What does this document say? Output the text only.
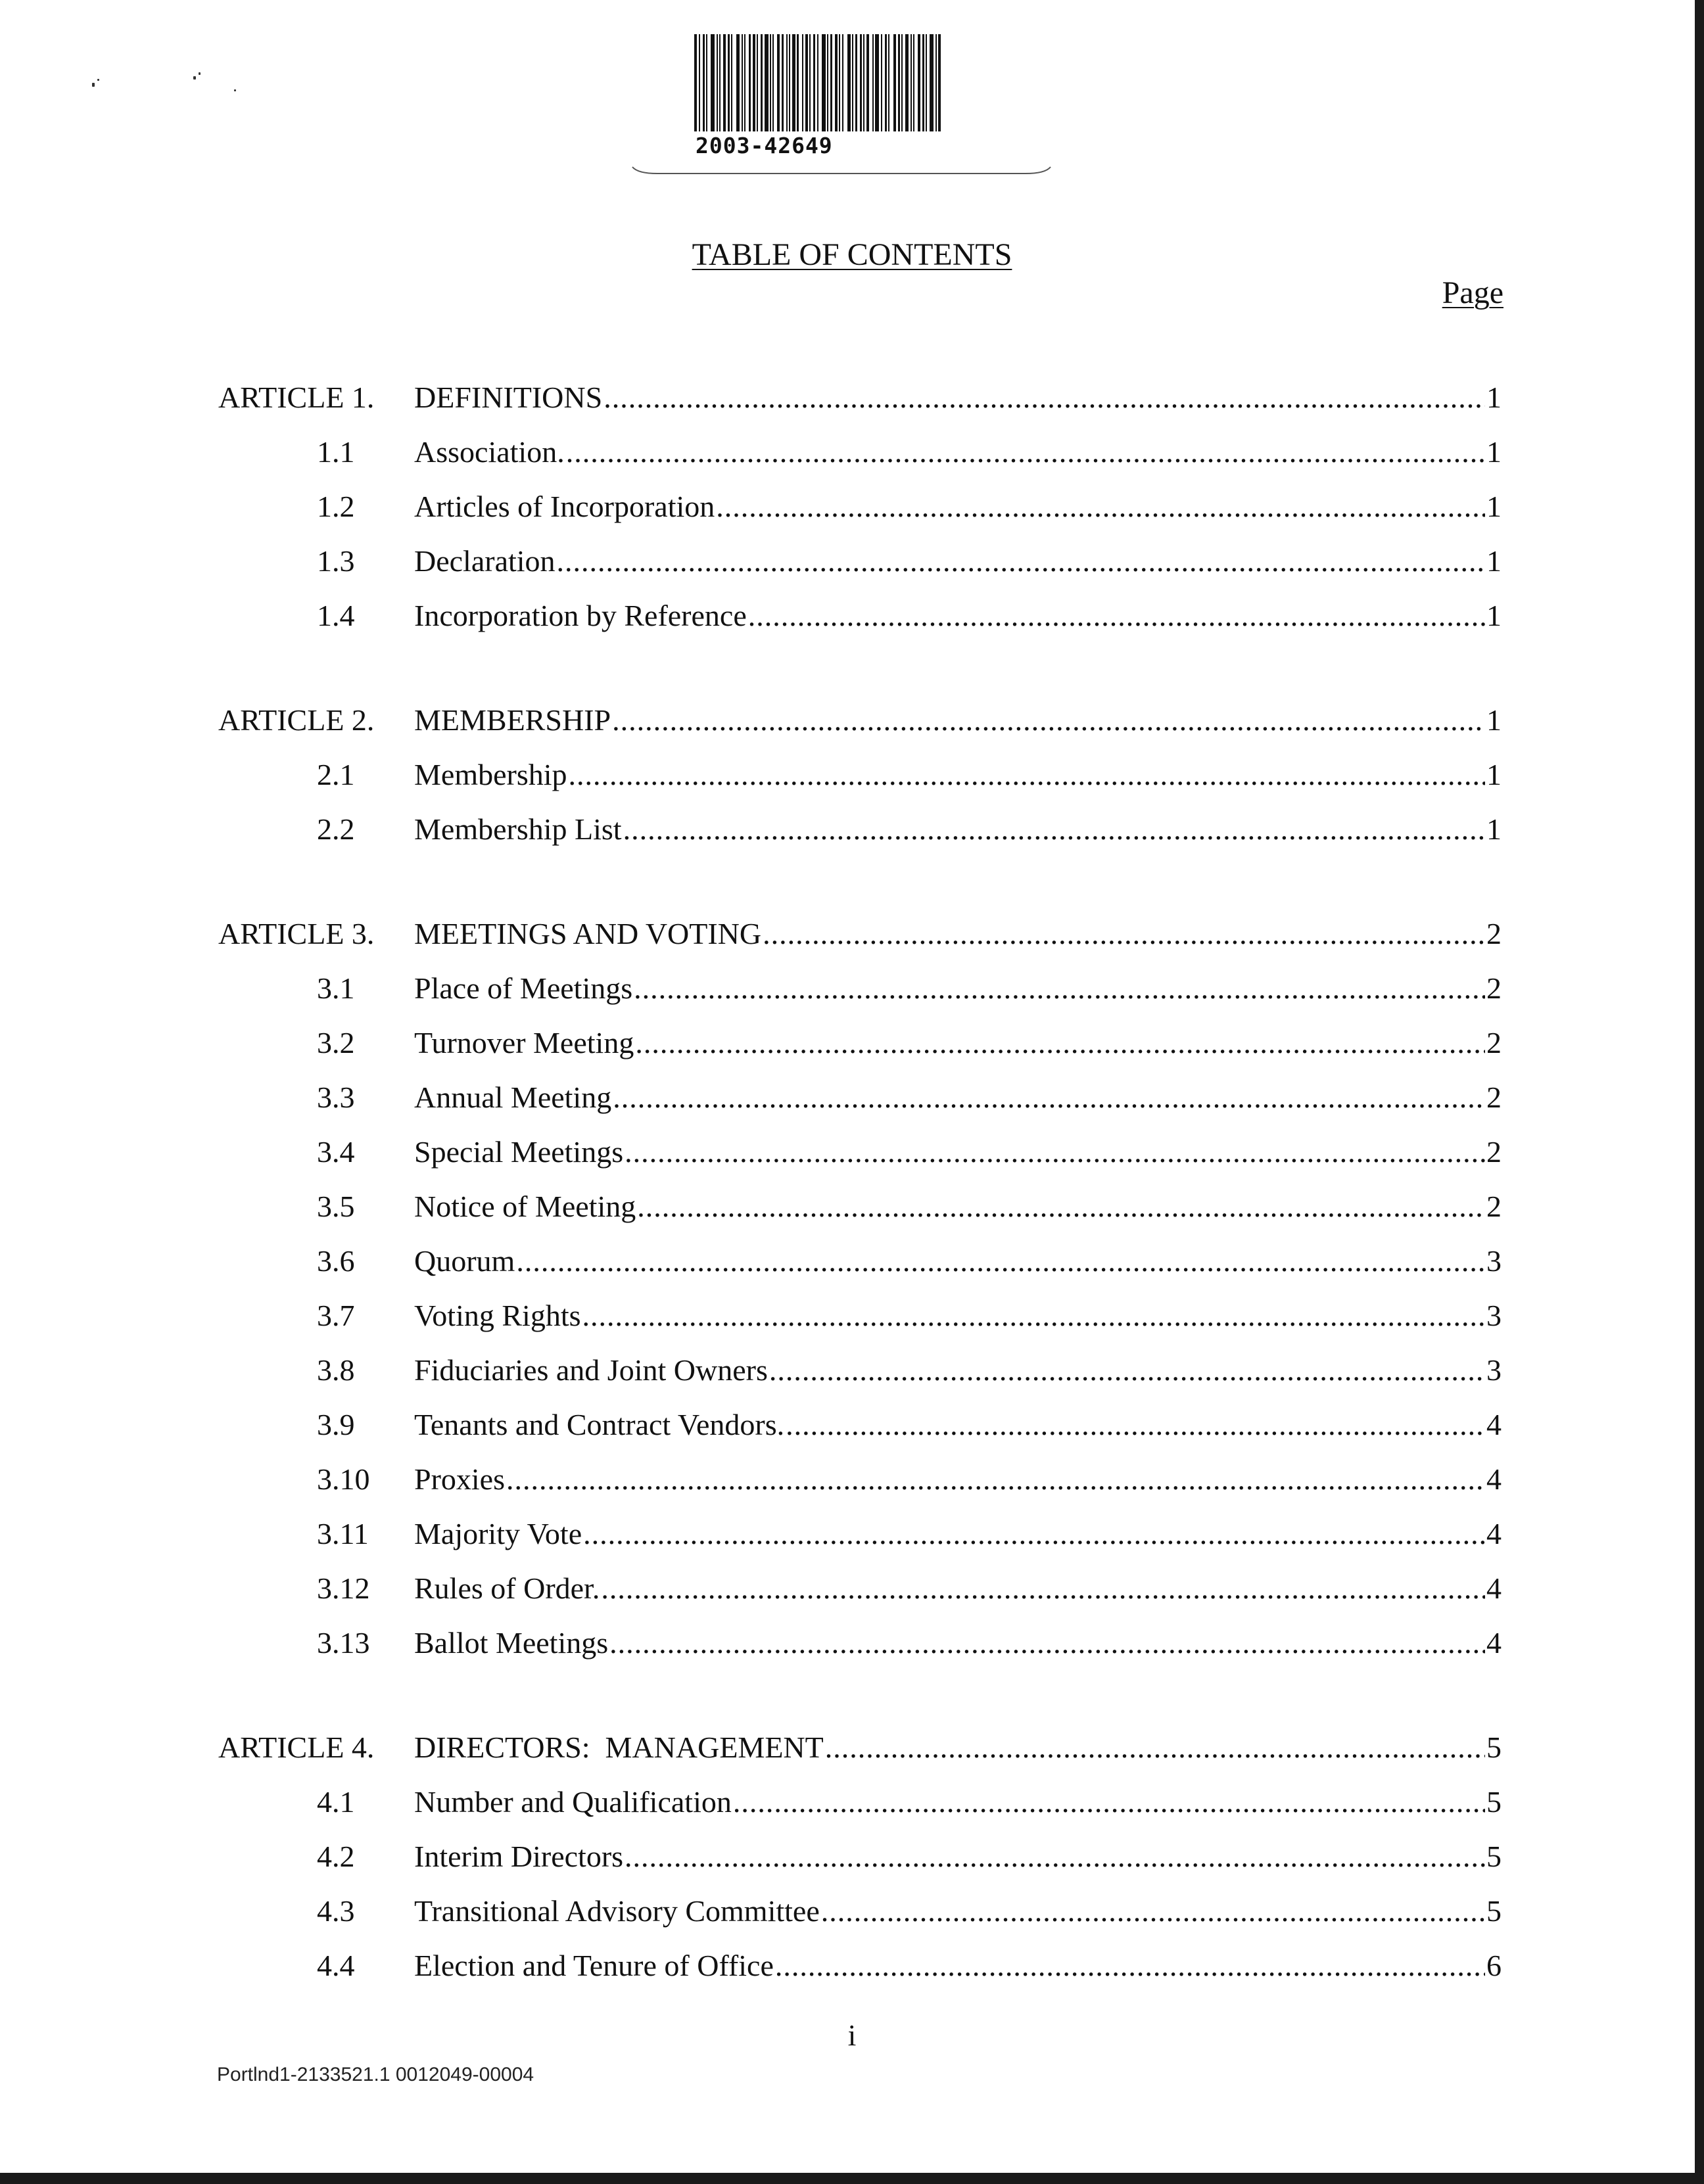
2003-42649
TABLE OF CONTENTS
Page
ARTICLE 1. DEFINITIONS .....	1
1.1 Association. .....	1
1.2 Articles of Incorporation .....	1
1.3 Declaration .....	1
1.4 Incorporation by Reference .....	1
ARTICLE 2. MEMBERSHIP .....	1
2.1 Membership .....	1
2.2 Membership List .....	1
ARTICLE 3. MEETINGS AND VOTING .....	2
3.1 Place of Meetings .....	2
3.2 Turnover Meeting .....	2
3.3 Annual Meeting .....	2
3.4 Special Meetings .....	2
3.5 Notice of Meeting .....	2
3.6 Quorum .....	3
3.7 Voting Rights .....	3
3.8 Fiduciaries and Joint Owners .....	3
3.9 Tenants and Contract Vendors. .....	4
3.10 Proxies .....	4
3.11 Majority Vote .....	4
3.12 Rules of Order. .....	4
3.13 Ballot Meetings .....	4
ARTICLE 4. DIRECTORS:  MANAGEMENT .....	5
4.1 Number and Qualification .....	5
4.2 Interim Directors .....	5
4.3 Transitional Advisory Committee .....	5
4.4 Election and Tenure of Office .....	6
i
Portlnd1-2133521.1 0012049-00004
